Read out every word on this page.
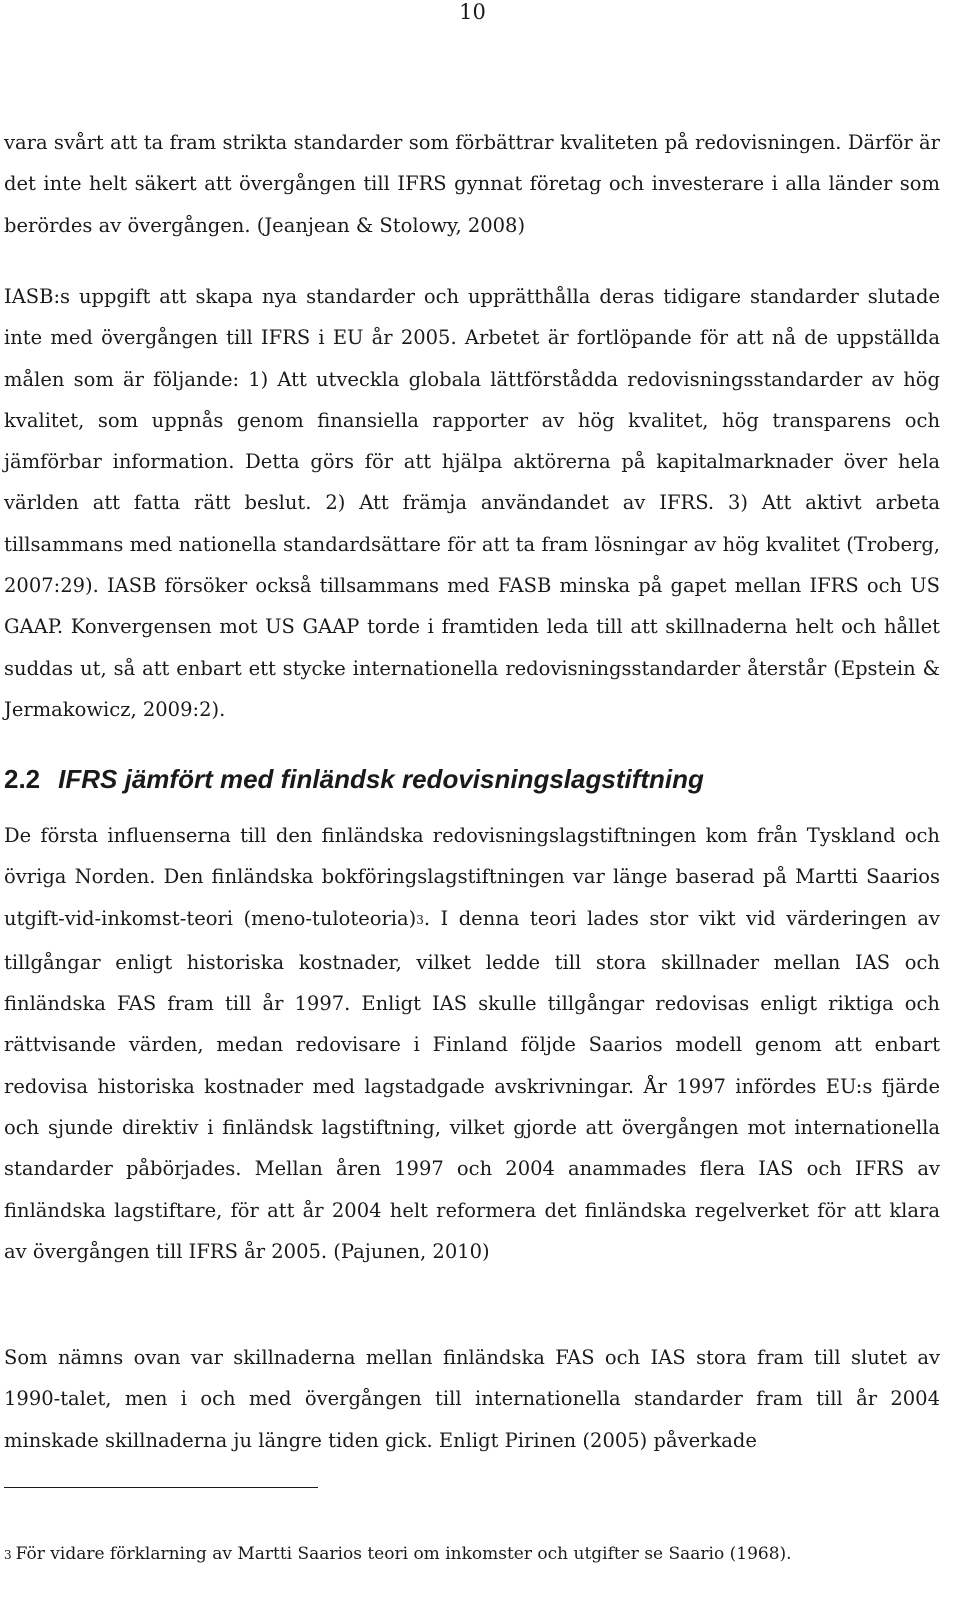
10

vara svårt att ta fram strikta standarder som förbättrar kvaliteten på redovisningen. Därför är det inte helt säkert att övergången till IFRS gynnat företag och investerare i alla länder som berördes av övergången. (Jeanjean & Stolowy, 2008)

IASB:s uppgift att skapa nya standarder och upprätthålla deras tidigare standarder slutade inte med övergången till IFRS i EU år 2005. Arbetet är fortlöpande för att nå de uppställda målen som är följande: 1) Att utveckla globala lättförstådda redovisningsstandarder av hög kvalitet, som uppnås genom finansiella rapporter av hög kvalitet, hög transparens och jämförbar information. Detta görs för att hjälpa aktörerna på kapitalmarknader över hela världen att fatta rätt beslut. 2) Att främja användandet av IFRS. 3) Att aktivt arbeta tillsammans med nationella standardsättare för att ta fram lösningar av hög kvalitet (Troberg, 2007:29). IASB försöker också tillsammans med FASB minska på gapet mellan IFRS och US GAAP. Konvergensen mot US GAAP torde i framtiden leda till att skillnaderna helt och hållet suddas ut, så att enbart ett stycke internationella redovisningsstandarder återstår (Epstein & Jermakowicz, 2009:2).

2.2 IFRS jämfört med finländsk redovisningslagstiftning

De första influenserna till den finländska redovisningslagstiftningen kom från Tyskland och övriga Norden. Den finländska bokföringslagstiftningen var länge baserad på Martti Saarios utgift-vid-inkomst-teori (meno-tuloteoria)3. I denna teori lades stor vikt vid värderingen av tillgångar enligt historiska kostnader, vilket ledde till stora skillnader mellan IAS och finländska FAS fram till år 1997. Enligt IAS skulle tillgångar redovisas enligt riktiga och rättvisande värden, medan redovisare i Finland följde Saarios modell genom att enbart redovisa historiska kostnader med lagstadgade avskrivningar. År 1997 infördes EU:s fjärde och sjunde direktiv i finländsk lagstiftning, vilket gjorde att övergången mot internationella standarder påbörjades. Mellan åren 1997 och 2004 anammades flera IAS och IFRS av finländska lagstiftare, för att år 2004 helt reformera det finländska regelverket för att klara av övergången till IFRS år 2005. (Pajunen, 2010)

Som nämns ovan var skillnaderna mellan finländska FAS och IAS stora fram till slutet av 1990-talet, men i och med övergången till internationella standarder fram till år 2004 minskade skillnaderna ju längre tiden gick. Enligt Pirinen (2005) påverkade

3 För vidare förklarning av Martti Saarios teori om inkomster och utgifter se Saario (1968).
